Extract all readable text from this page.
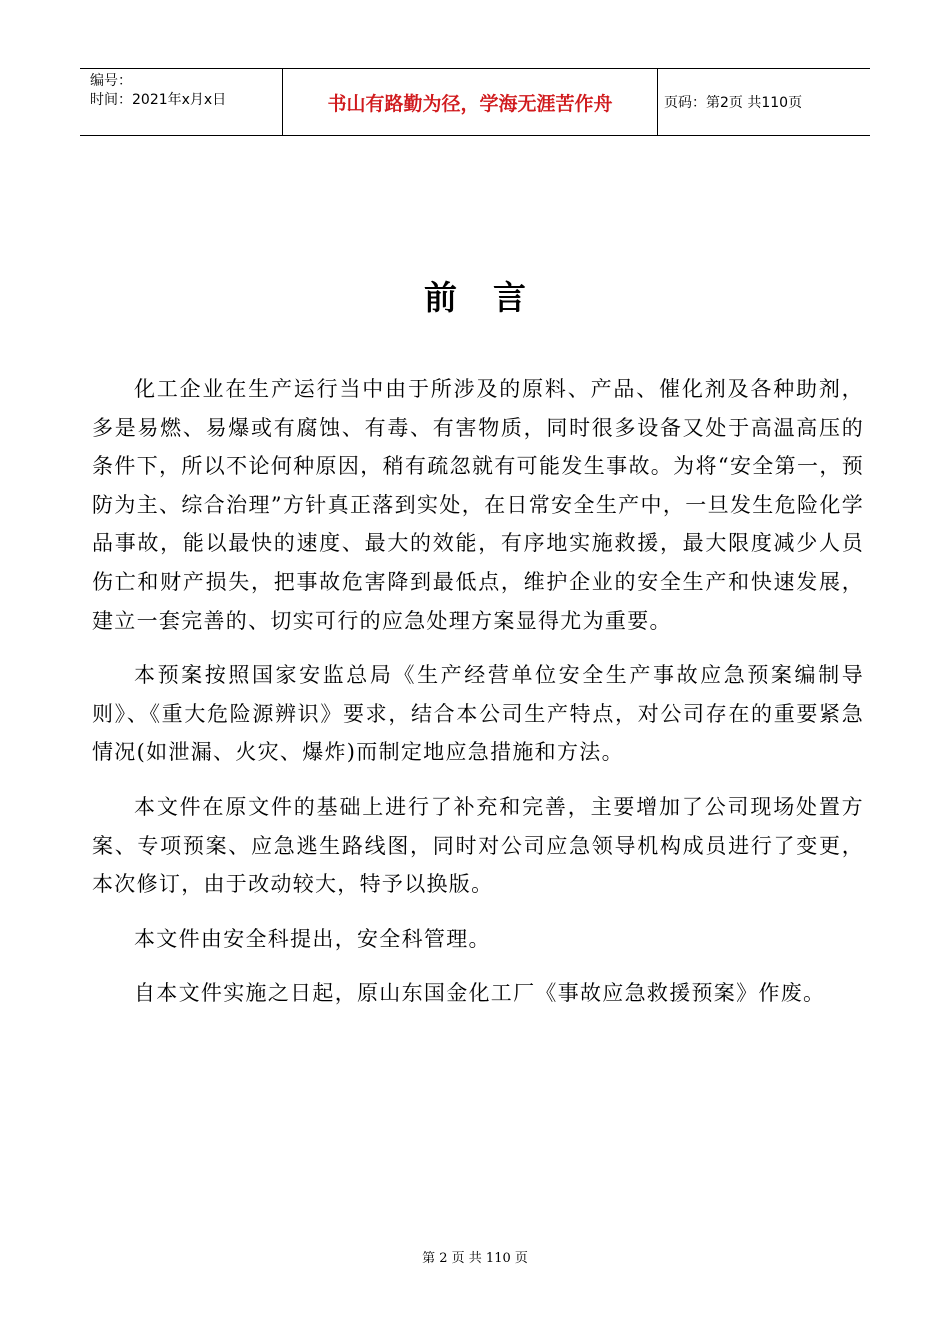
编号：
时间：2021年x月x日	书山有路勤为径，学海无涯苦作舟	页码：第2页 共110页
前言

化工企业在生产运行当中由于所涉及的原料、产品、催化剂及各种助剂，多是易燃、易爆或有腐蚀、有毒、有害物质，同时很多设备又处于高温高压的条件下，所以不论何种原因，稍有疏忽就有可能发生事故。为将“安全第一，预防为主、综合治理”方针真正落到实处，在日常安全生产中，一旦发生危险化学品事故，能以最快的速度、最大的效能，有序地实施救援，最大限度减少人员伤亡和财产损失，把事故危害降到最低点，维护企业的安全生产和快速发展，建立一套完善的、切实可行的应急处理方案显得尤为重要。

本预案按照国家安监总局《生产经营单位安全生产事故应急预案编制导则》、《重大危险源辨识》要求，结合本公司生产特点，对公司存在的重要紧急情况(如泄漏、火灾、爆炸)而制定地应急措施和方法。

本文件在原文件的基础上进行了补充和完善，主要增加了公司现场处置方案、专项预案、应急逃生路线图，同时对公司应急领导机构成员进行了变更，本次修订，由于改动较大，特予以换版。

本文件由安全科提出，安全科管理。

自本文件实施之日起，原山东国金化工厂《事故应急救援预案》作废。

第 2 页 共 110 页
